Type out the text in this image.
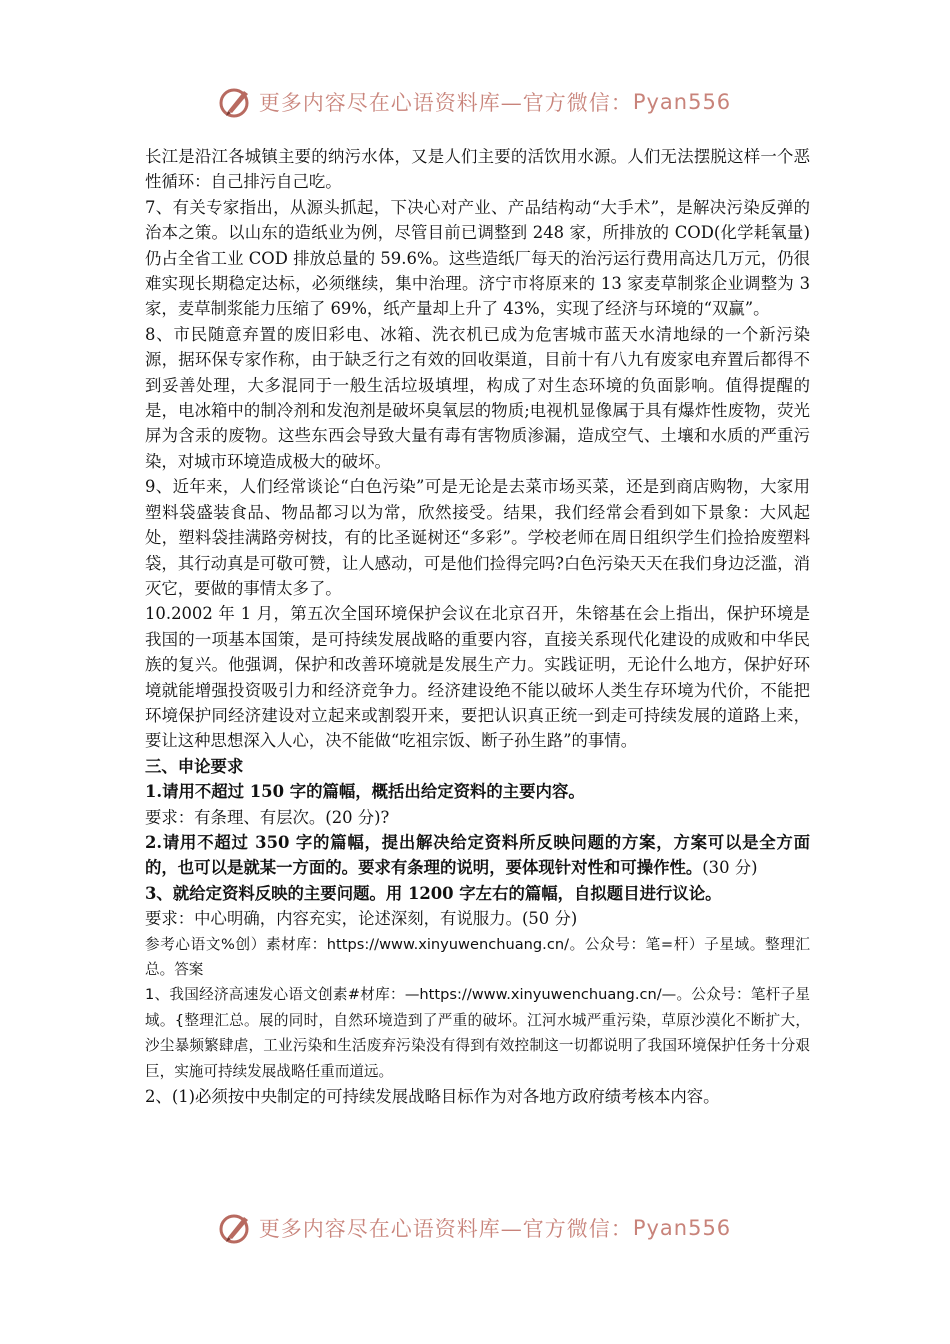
更多内容尽在心语资料库—官方微信： Pyan556

长江是沿江各城镇主要的纳污水体，又是人们主要的活饮用水源。人们无法摆脱这样一个恶性循环：自己排污自己吃。

7、有关专家指出，从源头抓起，下决心对产业、产品结构动“大手术”，是解决污染反弹的治本之策。以山东的造纸业为例，尽管目前已调整到 248 家，所排放的 COD(化学耗氧量)仍占全省工业 COD 排放总量的 59.6%。这些造纸厂每天的治污运行费用高达几万元，仍很难实现长期稳定达标，必须继续，集中治理。济宁市将原来的 13 家麦草制浆企业调整为 3 家，麦草制浆能力压缩了 69%，纸产量却上升了 43%，实现了经济与环境的“双赢”。

8、市民随意弃置的废旧彩电、冰箱、洗衣机已成为危害城市蓝天水清地绿的一个新污染源，据环保专家作称，由于缺乏行之有效的回收渠道，目前十有八九有废家电弃置后都得不到妥善处理，大多混同于一般生活垃圾填埋，构成了对生态环境的负面影响。值得提醒的是，电冰箱中的制冷剂和发泡剂是破坏臭氧层的物质;电视机显像属于具有爆炸性废物，荧光屏为含汞的废物。这些东西会导致大量有毒有害物质渗漏，造成空气、土壤和水质的严重污染，对城市环境造成极大的破坏。

9、近年来，人们经常谈论“白色污染”可是无论是去菜市场买菜，还是到商店购物，大家用塑料袋盛装食品、物品都习以为常，欣然接受。结果，我们经常会看到如下景象：大风起处，塑料袋挂满路旁树技，有的比圣诞树还“多彩”。学校老师在周日组织学生们捡拾废塑料袋，其行动真是可敬可赞，让人感动，可是他们捡得完吗?白色污染天天在我们身边泛滥，消灭它，要做的事情太多了。

10.2002 年 1 月，第五次全国环境保护会议在北京召开，朱镕基在会上指出，保护环境是我国的一项基本国策，是可持续发展战略的重要内容，直接关系现代化建设的成败和中华民族的复兴。他强调，保护和改善环境就是发展生产力。实践证明，无论什么地方，保护好环境就能增强投资吸引力和经济竞争力。经济建设绝不能以破坏人类生存环境为代价，不能把环境保护同经济建设对立起来或割裂开来，要把认识真正统一到走可持续发展的道路上来，要让这种思想深入人心，决不能做“吃祖宗饭、断子孙生路”的事情。

三、申论要求

1.请用不超过 150 字的篇幅，概括出给定资料的主要内容。

要求：有条理、有层次。(20 分)?

2.请用不超过 350 字的篇幅，提出解决给定资料所反映问题的方案，方案可以是全方面的，也可以是就某一方面的。要求有条理的说明，要体现针对性和可操作性。(30 分)

3、就给定资料反映的主要问题。用 1200 字左右的篇幅，自拟题目进行议论。

要求：中心明确，内容充实，论述深刻，有说服力。(50 分)

参考心语文%创）素材库：https://www.xinyuwenchuang.cn/。公众号：笔=杆）子星域。整理汇总。答案

1、我国经济高速发心语文创素#材库：—https://www.xinyuwenchuang.cn/—。公众号：笔杆子星域。{整理汇总。展的同时，自然环境造到了严重的破坏。江河水城严重污染，草原沙漠化不断扩大，沙尘暴频繁肆虐，工业污染和生活废弃污染没有得到有效控制这一切都说明了我国环境保护任务十分艰巨，实施可持续发展战略任重而道远。

2、(1)必须按中央制定的可持续发展战略目标作为对各地方政府绩考核本内容。

更多内容尽在心语资料库—官方微信： Pyan556
